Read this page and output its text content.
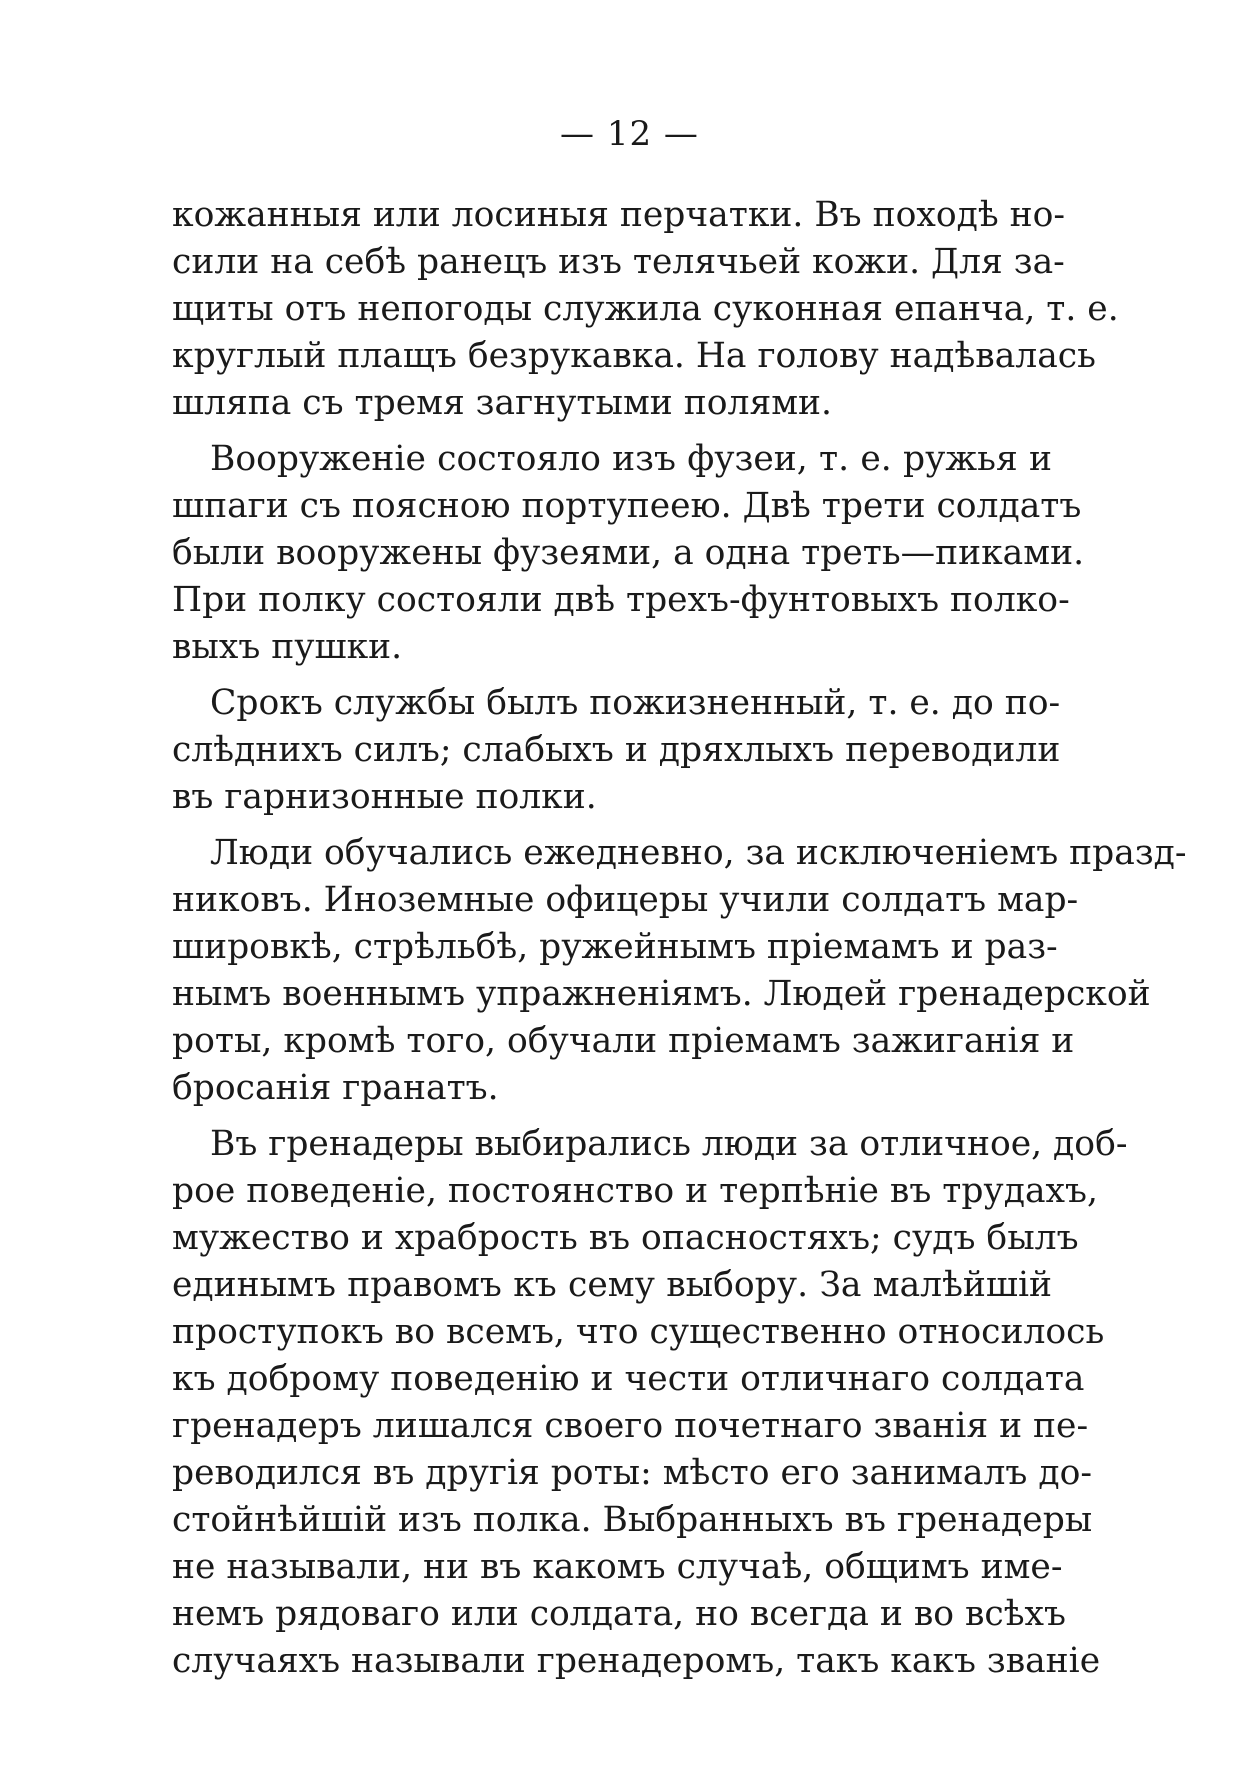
— 12 —
кожанныя или лосиныя перчатки. Въ походѣ но-
сили на себѣ ранецъ изъ телячьей кожи. Для за-
щиты отъ непогоды служила суконная епанча, т. е.
круглый плащъ безрукавка. На голову надѣвалась
шляпа съ тремя загнутыми полями.
Вооруженіе состояло изъ фузеи, т. е. ружья и
шпаги съ поясною портупеею. Двѣ трети солдатъ
были вооружены фузеями, а одна треть—пиками.
При полку состояли двѣ трехъ-фунтовыхъ полко-
выхъ пушки.
Срокъ службы былъ пожизненный, т. е. до по-
слѣднихъ силъ; слабыхъ и дряхлыхъ переводили
въ гарнизонные полки.
Люди обучались ежедневно, за исключеніемъ празд-
никовъ. Иноземные офицеры учили солдатъ мар-
шировкѣ, стрѣльбѣ, ружейнымъ пріемамъ и раз-
нымъ военнымъ упражненіямъ. Людей гренадерской
роты, кромѣ того, обучали пріемамъ зажиганія и
бросанія гранатъ.
Въ гренадеры выбирались люди за отличное, доб-
рое поведеніе, постоянство и терпѣніе въ трудахъ,
мужество и храбрость въ опасностяхъ; судъ былъ
единымъ правомъ къ сему выбору. За малѣйшій
проступокъ во всемъ, что существенно относилось
къ доброму поведенію и чести отличнаго солдата
гренадеръ лишался своего почетнаго званія и пе-
реводился въ другія роты: мѣсто его занималъ до-
стойнѣйшій изъ полка. Выбранныхъ въ гренадеры
не называли, ни въ какомъ случаѣ, общимъ име-
немъ рядоваго или солдата, но всегда и во всѣхъ
случаяхъ называли гренадеромъ, такъ какъ званіе
